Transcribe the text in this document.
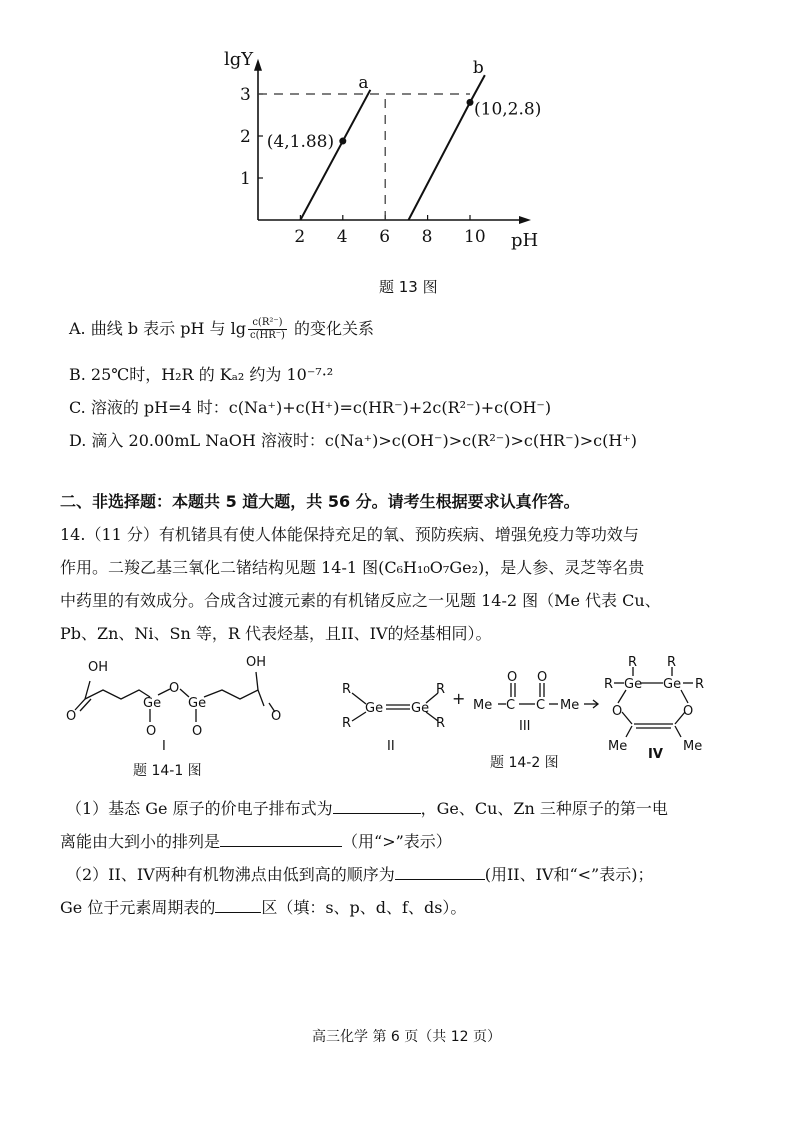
lgY
pH
2 4 6 8 10
1
2
3
a
(4,1.88)
b
(10,2.8)
题 13 图
A. 曲线 b 表示 pH 与 $\lg \frac{\text{c(R²⁻)}}{c(HR^-)}$ 的变化关系
B. 25℃时，H₂R 的 Kₐ₂ 约为 10⁻⁷·²
C. 溶液的 pH=4 时：c(Na⁺)+c(H⁺)=c(HR⁻)+2c(R²⁻)+c(OH⁻)
D. 滴入 20.00mL NaOH 溶液时：c(Na⁺)>c(OH⁻)>c(R²⁻)>c(HR⁻)>c(H⁺)
二、非选择题：本题共 5 道大题，共 56 分。请考生根据要求认真作答。
14.（11 分）有机锗具有使人体能保持充足的氧、预防疾病、增强免疫力等功效与
作用。二羧乙基三氧化二锗结构见题 14-1 图(C₆H₁₀O₇Ge₂)，是人参、灵芝等名贵
中药里的有效成分。合成含过渡元素的有机锗反应之一见题 14-2 图（Me 代表 Cu、
Pb、Zn、Ni、Sn 等，R 代表烃基，且II、IV的烃基相同）。
OH
O
Ge
O
Ge
O	O
OH
O
I
R
R
Ge Ge
R
R
II
+ Me C C
O O
Me
III
R R
R	R
Ge Ge
O	O
Me	Me
IV
题 14-1 图	题 14-2 图
（1）基态 Ge 原子的价电子排布式为	，Ge、Cu、Zn 三种原子的第一电
离能由大到小的排列是	（用“>”表示）
（2）II、IV两种有机物沸点由低到高的顺序为	(用II、IV和“<”表示)；
Ge 位于元素周期表的	区（填：s、p、d、f、ds）。
高三化学 第 6 页（共 12 页）
